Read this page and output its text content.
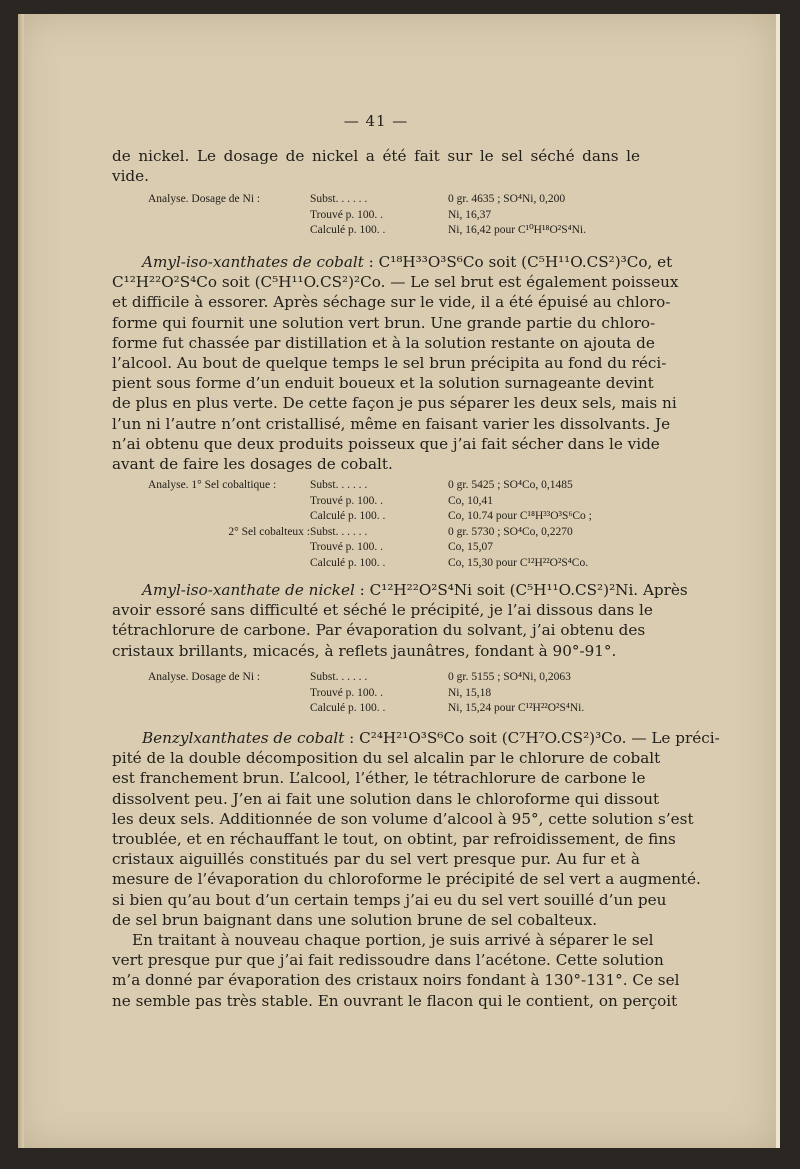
— 41 —
de nickel. Le dosage de nickel a été fait sur le sel séché dans le
vide.
Analyse. Dosage de Ni :	Subst. . . . . .	0 gr. 4635 ; SO⁴Ni, 0,200
Trouvé p. 100. .	Ni, 16,37
Calculé p. 100. .	Ni, 16,42 pour C¹⁰H¹⁸O²S⁴Ni.
Amyl-iso-xanthates de cobalt : C¹⁸H³³O³S⁶Co soit (C⁵H¹¹O.CS²)³Co, et
C¹²H²²O²S⁴Co soit (C⁵H¹¹O.CS²)²Co. — Le sel brut est également poisseux
et difficile à essorer. Après séchage sur le vide, il a été épuisé au chloro-
forme qui fournit une solution vert brun. Une grande partie du chloro-
forme fut chassée par distillation et à la solution restante on ajouta de
l’alcool. Au bout de quelque temps le sel brun précipita au fond du réci-
pient sous forme d’un enduit boueux et la solution surnageante devint
de plus en plus verte. De cette façon je pus séparer les deux sels, mais ni
l’un ni l’autre n’ont cristallisé, même en faisant varier les dissolvants. Je
n’ai obtenu que deux produits poisseux que j’ai fait sécher dans le vide
avant de faire les dosages de cobalt.
Analyse. 1° Sel cobaltique :	Subst. . . . . .	0 gr. 5425 ; SO⁴Co, 0,1485
Trouvé p. 100. .	Co, 10,41
Calculé p. 100. .	Co, 10.74 pour C¹⁸H³³O³S⁶Co ;
2° Sel cobalteux : Subst. . . . . .	0 gr. 5730 ; SO⁴Co, 0,2270
Trouvé p. 100. .	Co, 15,07
Calculé p. 100. .	Co, 15,30 pour C¹²H²²O²S⁴Co.
Amyl-iso-xanthate de nickel : C¹²H²²O²S⁴Ni soit (C⁵H¹¹O.CS²)²Ni. Après
avoir essoré sans difficulté et séché le précipité, je l’ai dissous dans le
tétrachlorure de carbone. Par évaporation du solvant, j’ai obtenu des
cristaux brillants, micacés, à reflets jaunâtres, fondant à 90°-91°.
Analyse. Dosage de Ni :	Subst. . . . . .	0 gr. 5155 ; SO⁴Ni, 0,2063
Trouvé p. 100. .	Ni, 15,18
Calculé p. 100. .	Ni, 15,24 pour C¹²H²²O²S⁴Ni.
Benzylxanthates de cobalt : C²⁴H²¹O³S⁶Co soit (C⁷H⁷O.CS²)³Co. — Le préci-
pité de la double décomposition du sel alcalin par le chlorure de cobalt
est franchement brun. L’alcool, l’éther, le tétrachlorure de carbone le
dissolvent peu. J’en ai fait une solution dans le chloroforme qui dissout
les deux sels. Additionnée de son volume d’alcool à 95°, cette solution s’est
troublée, et en réchauffant le tout, on obtint, par refroidissement, de fins
cristaux aiguillés constitués par du sel vert presque pur. Au fur et à
mesure de l’évaporation du chloroforme le précipité de sel vert a augmenté.
si bien qu’au bout d’un certain temps j’ai eu du sel vert souillé d’un peu
de sel brun baignant dans une solution brune de sel cobalteux.
En traitant à nouveau chaque portion, je suis arrivé à séparer le sel
vert presque pur que j’ai fait redissoudre dans l’acétone. Cette solution
m’a donné par évaporation des cristaux noirs fondant à 130°-131°. Ce sel
ne semble pas très stable. En ouvrant le flacon qui le contient, on perçoit
